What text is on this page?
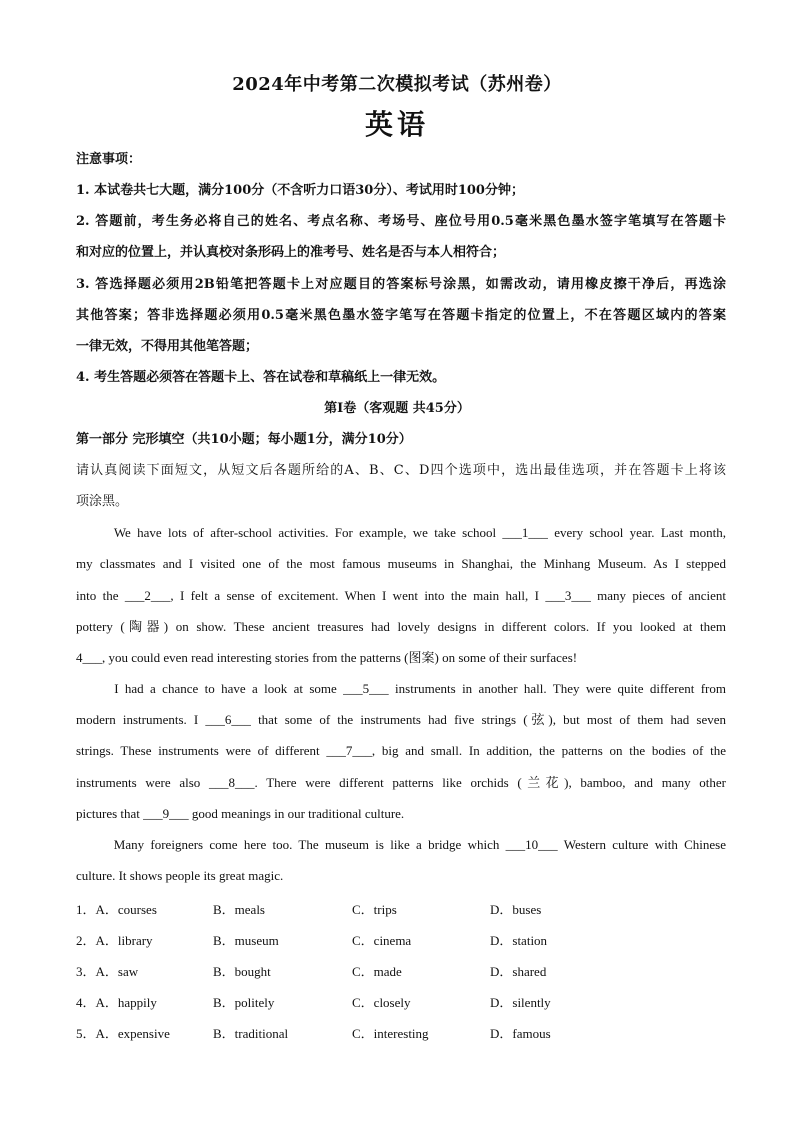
2024年中考第二次模拟考试（苏州卷）
英语
注意事项：
1. 本试卷共七大题，满分100分（不含听力口语30分）、考试用时100分钟；
2. 答题前，考生务必将自己的姓名、考点名称、考场号、座位号用0.5毫米黑色墨水签字笔填写在答题卡
和对应的位置上，并认真校对条形码上的准考号、姓名是否与本人相符合；
3. 答选择题必须用2B铅笔把答题卡上对应题目的答案标号涂黑，如需改动，请用橡皮擦干净后，再选涂
其他答案；答非选择题必须用0.5毫米黑色墨水签字笔写在答题卡指定的位置上，不在答题区域内的答案
一律无效，不得用其他笔答题；
4. 考生答题必须答在答题卡上、答在试卷和草稿纸上一律无效。
第Ⅰ卷（客观题 共45分）
第一部分 完形填空（共10小题；每小题1分，满分10分）
请认真阅读下面短文，从短文后各题所给的A、B、C、D四个选项中，选出最佳选项，并在答题卡上将该
项涂黑。
We have lots of after-school activities. For example, we take school ___1___ every school year. Last month,
my classmates and I visited one of the most famous museums in Shanghai, the Minhang Museum. As I stepped
into the ___2___, I felt a sense of excitement. When I went into the main hall, I ___3___ many pieces of ancient
pottery (陶器) on show. These ancient treasures had lovely designs in different colors. If you looked at them
4___, you could even read interesting stories from the patterns (图案) on some of their surfaces!
I had a chance to have a look at some ___5___ instruments in another hall. They were quite different from
modern instruments. I ___6___ that some of the instruments had five strings (弦), but most of them had seven
strings. These instruments were of different ___7___, big and small. In addition, the patterns on the bodies of the
instruments were also ___8___. There were different patterns like orchids (兰花), bamboo, and many other
pictures that ___9___ good meanings in our traditional culture.
Many foreigners come here too. The museum is like a bridge which ___10___ Western culture with Chinese
culture. It shows people its great magic.
1．A．courses	B．meals	C．trips	D．buses
2．A．library	B．museum	C．cinema	D．station
3．A．saw	B．bought	C．made	D．shared
4．A．happily	B．politely	C．closely	D．silently
5．A．expensive	B．traditional	C．interesting	D．famous
